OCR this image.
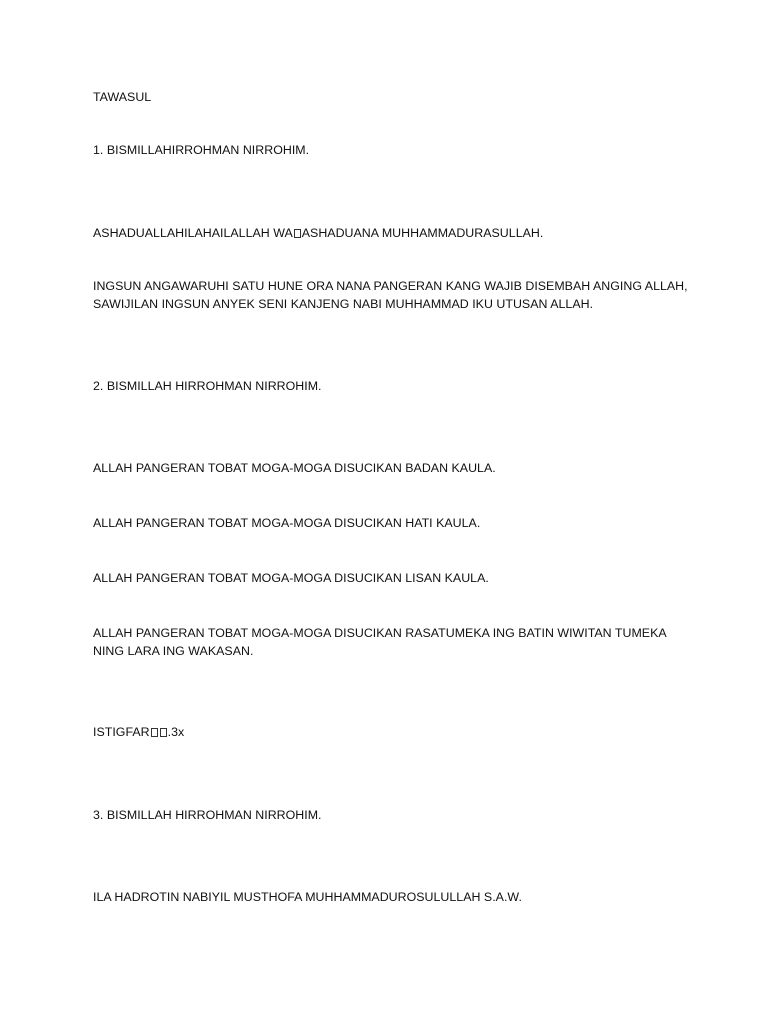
TAWASUL

1. BISMILLAHIRROHMAN NIRROHIM.

ASHADUALLAHILAHAILALLAH WA ASHADUANA MUHHAMMADURASULLAH.

INGSUN ANGAWARUHI SATU HUNE ORA NANA PANGERAN KANG WAJIB DISEMBAH ANGING ALLAH, SAWIJILAN INGSUN ANYEK SENI KANJENG NABI MUHHAMMAD IKU UTUSAN ALLAH.

2. BISMILLAH HIRROHMAN NIRROHIM.

ALLAH PANGERAN TOBAT MOGA-MOGA DISUCIKAN BADAN KAULA.

ALLAH PANGERAN TOBAT MOGA-MOGA DISUCIKAN HATI KAULA.

ALLAH PANGERAN TOBAT MOGA-MOGA DISUCIKAN LISAN KAULA.

ALLAH PANGERAN TOBAT MOGA-MOGA DISUCIKAN RASATUMEKA ING BATIN WIWITAN TUMEKA NING LARA ING WAKASAN.

ISTIGFAR .3x

3. BISMILLAH HIRROHMAN NIRROHIM.

ILA HADROTIN NABIYIL MUSTHOFA MUHHAMMADUROSULULLAH S.A.W.
